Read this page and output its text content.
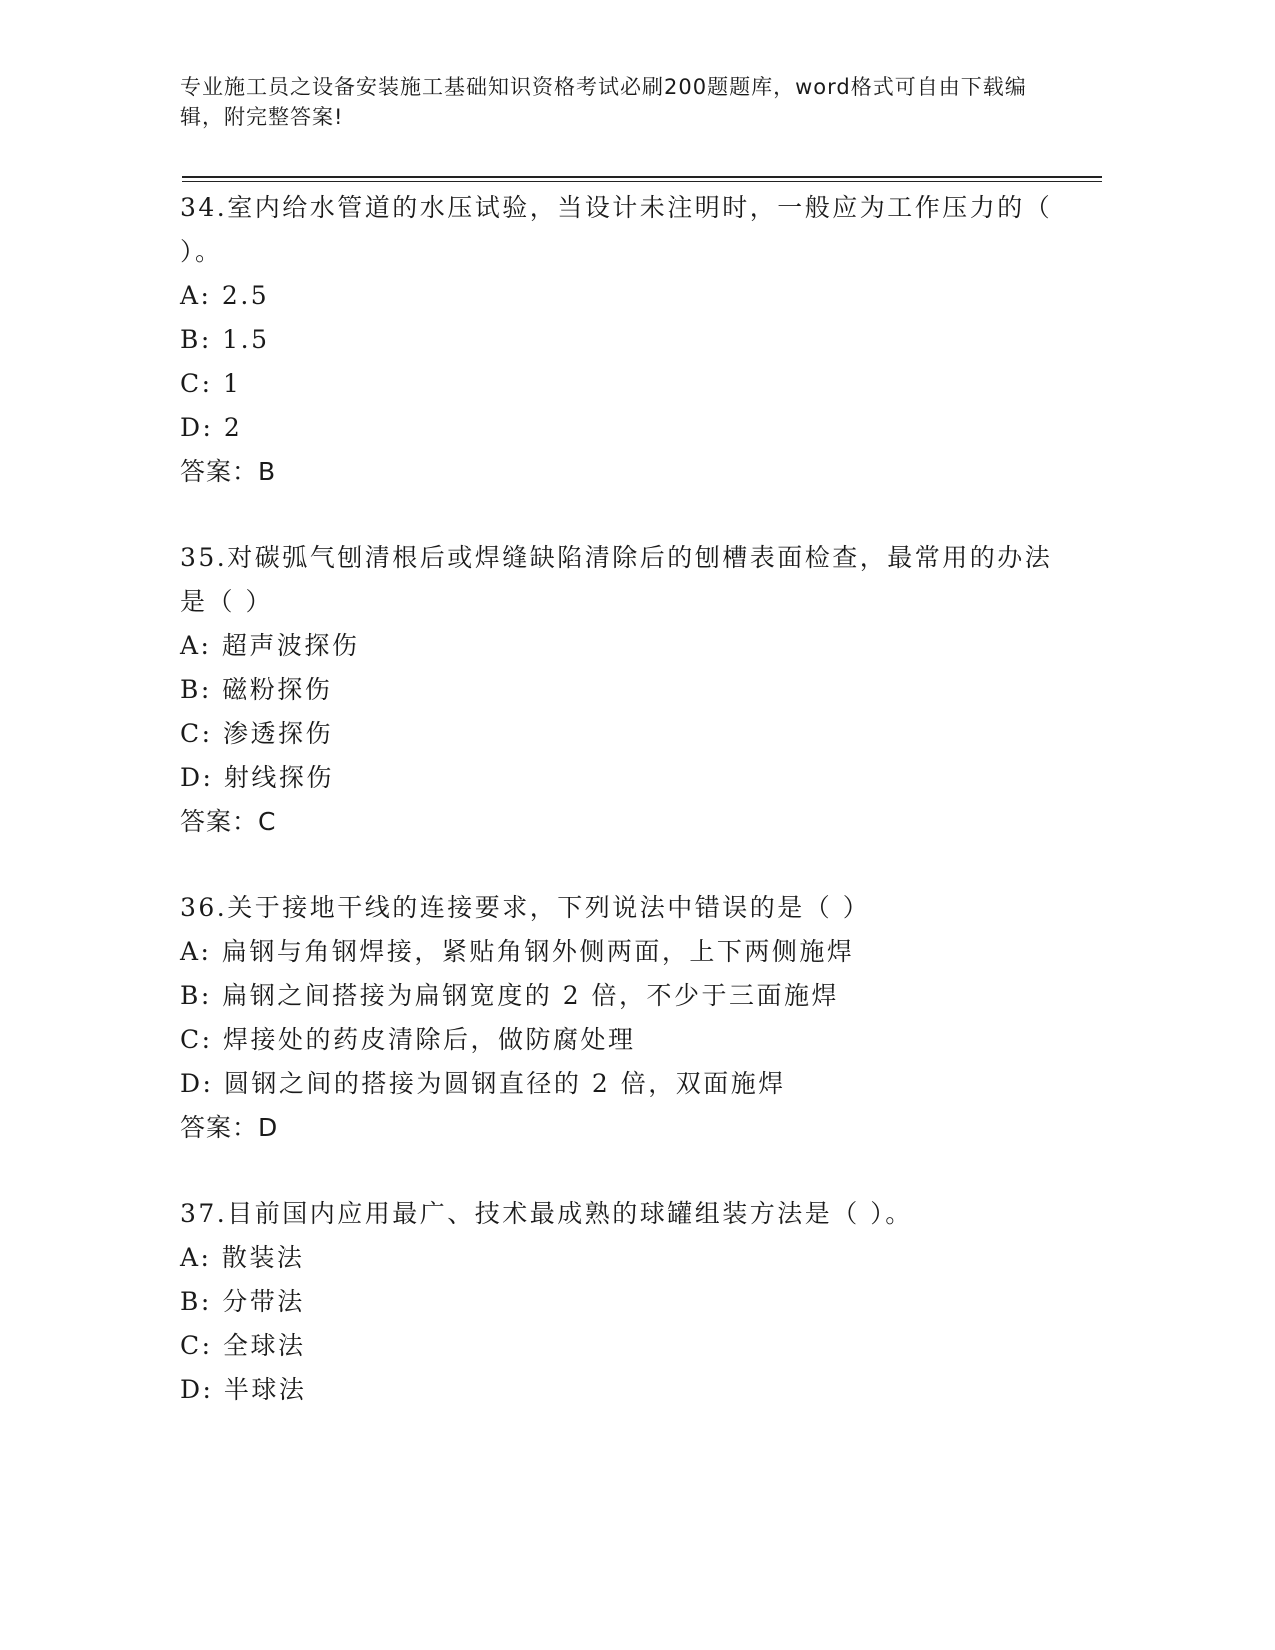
专业施工员之设备安装施工基础知识资格考试必刷200题题库，word格式可自由下载编辑，附完整答案!

34.室内给水管道的水压试验，当设计未注明时，一般应为工作压力的（ ）。

A: 2.5
B: 1.5
C: 1
D: 2
答案：B

35.对碳弧气刨清根后或焊缝缺陷清除后的刨槽表面检查，最常用的办法是（ ）

A: 超声波探伤
B: 磁粉探伤
C: 渗透探伤
D: 射线探伤
答案：C

36.关于接地干线的连接要求，下列说法中错误的是（ ）

A: 扁钢与角钢焊接，紧贴角钢外侧两面，上下两侧施焊
B: 扁钢之间搭接为扁钢宽度的 2 倍，不少于三面施焊
C: 焊接处的药皮清除后，做防腐处理
D: 圆钢之间的搭接为圆钢直径的 2 倍，双面施焊
答案：D

37.目前国内应用最广、技术最成熟的球罐组装方法是（ ）。

A: 散装法
B: 分带法
C: 全球法
D: 半球法
